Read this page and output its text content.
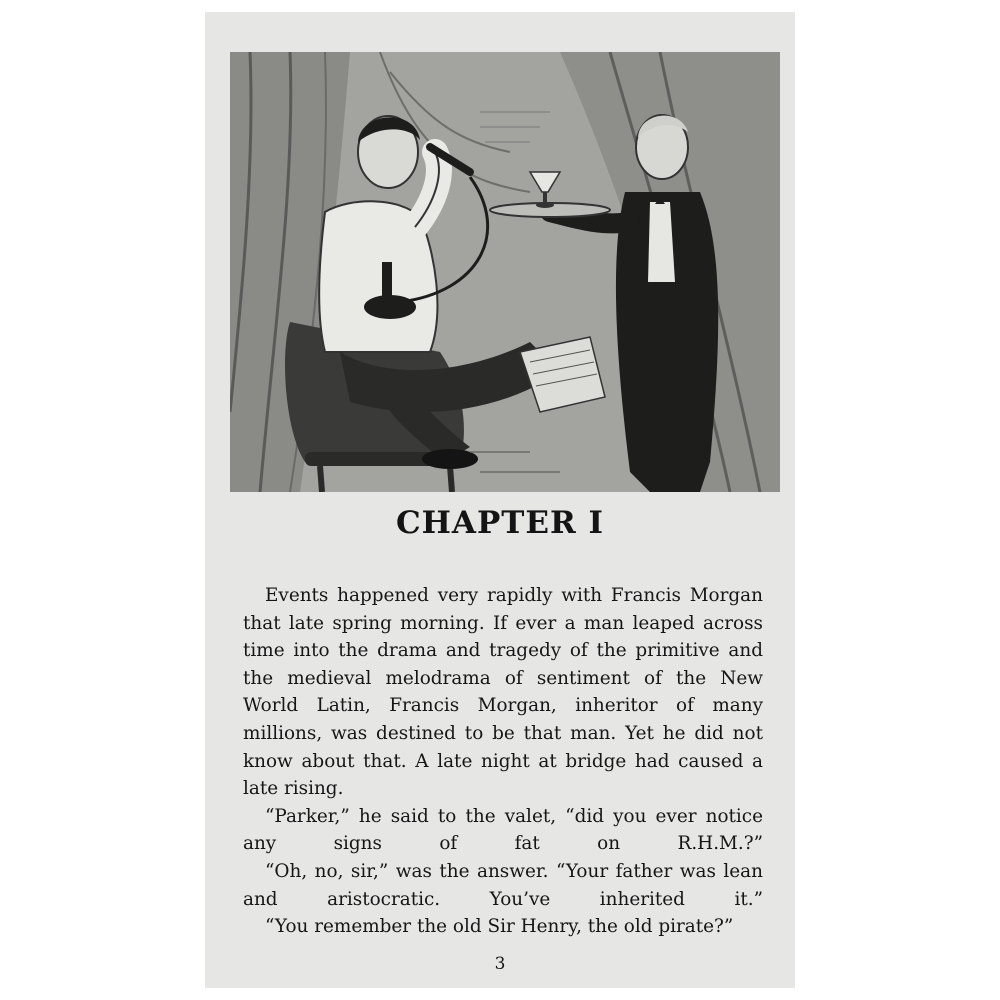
CHAPTER I

Events happened very rapidly with Francis Morgan that late spring morning. If ever a man leaped across time into the drama and tragedy of the primitive and the medieval melodrama of sentiment of the New World Latin, Francis Morgan, inheritor of many millions, was destined to be that man. Yet he did not know about that. A late night at bridge had caused a late rising.

“Parker,” he said to the valet, “did you ever notice any signs of fat on R.H.M.?”

“Oh, no, sir,” was the answer. “Your father was lean and aristocratic. You’ve inherited it.”

“You remember the old Sir Henry, the old pirate?”

3
